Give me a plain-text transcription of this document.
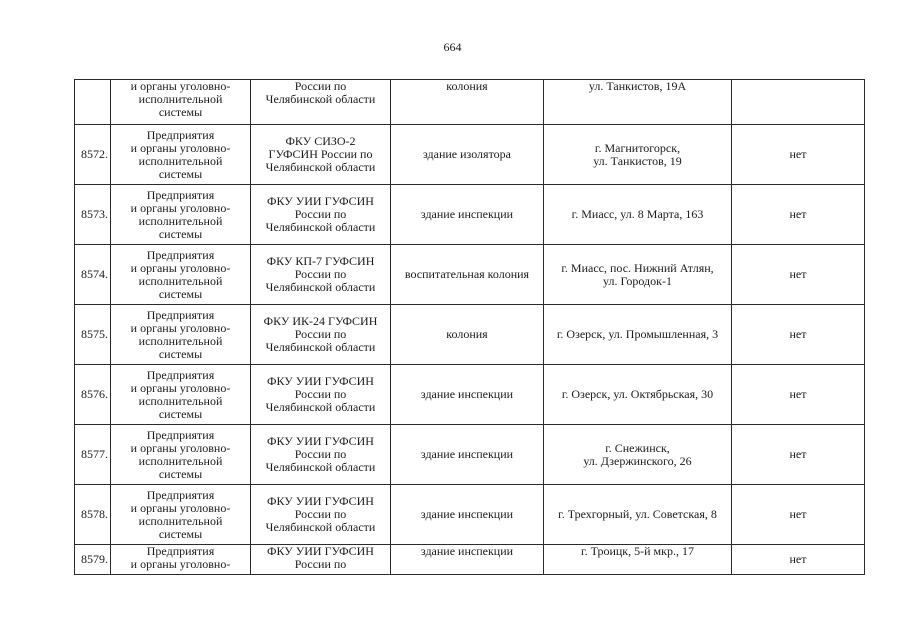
664
	и органы уголовно-
исполнительной
системы	России по
Челябинской области	колония	ул. Танкистов, 19А	
8572.	Предприятия
и органы уголовно-
исполнительной
системы	ФКУ СИЗО-2
ГУФСИН России по
Челябинской области	здание изолятора	г. Магнитогорск,
ул. Танкистов, 19	нет
8573.	Предприятия
и органы уголовно-
исполнительной
системы	ФКУ УИИ ГУФСИН
России по
Челябинской области	здание инспекции	г. Миасс, ул. 8 Марта, 163	нет
8574.	Предприятия
и органы уголовно-
исполнительной
системы	ФКУ КП-7 ГУФСИН
России по
Челябинской области	воспитательная колония	г. Миасс, пос. Нижний Атлян,
ул. Городок-1	нет
8575.	Предприятия
и органы уголовно-
исполнительной
системы	ФКУ ИК-24 ГУФСИН
России по
Челябинской области	колония	г. Озерск, ул. Промышленная, 3	нет
8576.	Предприятия
и органы уголовно-
исполнительной
системы	ФКУ УИИ ГУФСИН
России по
Челябинской области	здание инспекции	г. Озерск, ул. Октябрьская, 30	нет
8577.	Предприятия
и органы уголовно-
исполнительной
системы	ФКУ УИИ ГУФСИН
России по
Челябинской области	здание инспекции	г. Снежинск,
ул. Дзержинского, 26	нет
8578.	Предприятия
и органы уголовно-
исполнительной
системы	ФКУ УИИ ГУФСИН
России по
Челябинской области	здание инспекции	г. Трехгорный, ул. Советская, 8	нет
8579.	Предприятия
и органы уголовно-	ФКУ УИИ ГУФСИН
России по	здание инспекции	г. Троицк, 5-й мкр., 17	нет
